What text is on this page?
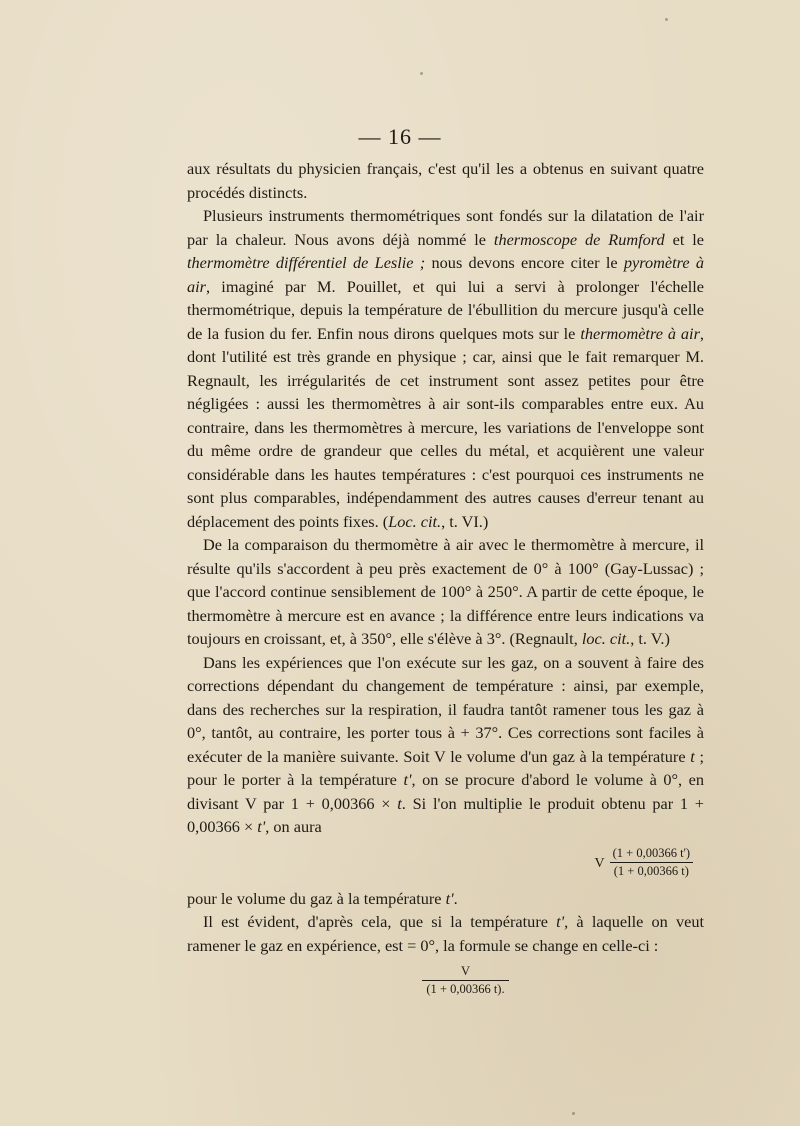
— 16 —

aux résultats du physicien français, c'est qu'il les a obtenus en suivant quatre procédés distincts.

Plusieurs instruments thermométriques sont fondés sur la dilatation de l'air par la chaleur. Nous avons déjà nommé le thermoscope de Rumford et le thermomètre différentiel de Leslie ; nous devons encore citer le pyromètre à air, imaginé par M. Pouillet, et qui lui a servi à prolonger l'échelle thermométrique, depuis la température de l'ébullition du mercure jusqu'à celle de la fusion du fer. Enfin nous dirons quelques mots sur le thermomètre à air, dont l'utilité est très grande en physique ; car, ainsi que le fait remarquer M. Regnault, les irrégularités de cet instrument sont assez petites pour être négligées : aussi les thermomètres à air sont-ils comparables entre eux. Au contraire, dans les thermomètres à mercure, les variations de l'enveloppe sont du même ordre de grandeur que celles du métal, et acquièrent une valeur considérable dans les hautes températures : c'est pourquoi ces instruments ne sont plus comparables, indépendamment des autres causes d'erreur tenant au déplacement des points fixes. (Loc. cit., t. VI.)

De la comparaison du thermomètre à air avec le thermomètre à mercure, il résulte qu'ils s'accordent à peu près exactement de 0° à 100° (Gay-Lussac) ; que l'accord continue sensiblement de 100° à 250°. A partir de cette époque, le thermomètre à mercure est en avance ; la différence entre leurs indications va toujours en croissant, et, à 350°, elle s'élève à 3°. (Regnault, loc. cit., t. V.)

Dans les expériences que l'on exécute sur les gaz, on a souvent à faire des corrections dépendant du changement de température : ainsi, par exemple, dans des recherches sur la respiration, il faudra tantôt ramener tous les gaz à 0°, tantôt, au contraire, les porter tous à + 37°. Ces corrections sont faciles à exécuter de la manière suivante. Soit V le volume d'un gaz à la température t ; pour le porter à la température t', on se procure d'abord le volume à 0°, en divisant V par 1 + 0,00366 × t. Si l'on multiplie le produit obtenu par 1 + 0,00366 × t', on aura

V $\frac{(1 + 0,00366 t')}{(1 + 0,00366 t)}$

pour le volume du gaz à la température t'.

Il est évident, d'après cela, que si la température t', à laquelle on veut ramener le gaz en expérience, est = 0°, la formule se change en celle-ci :

$\frac{V}{(1 + 0,00366 t).}$
